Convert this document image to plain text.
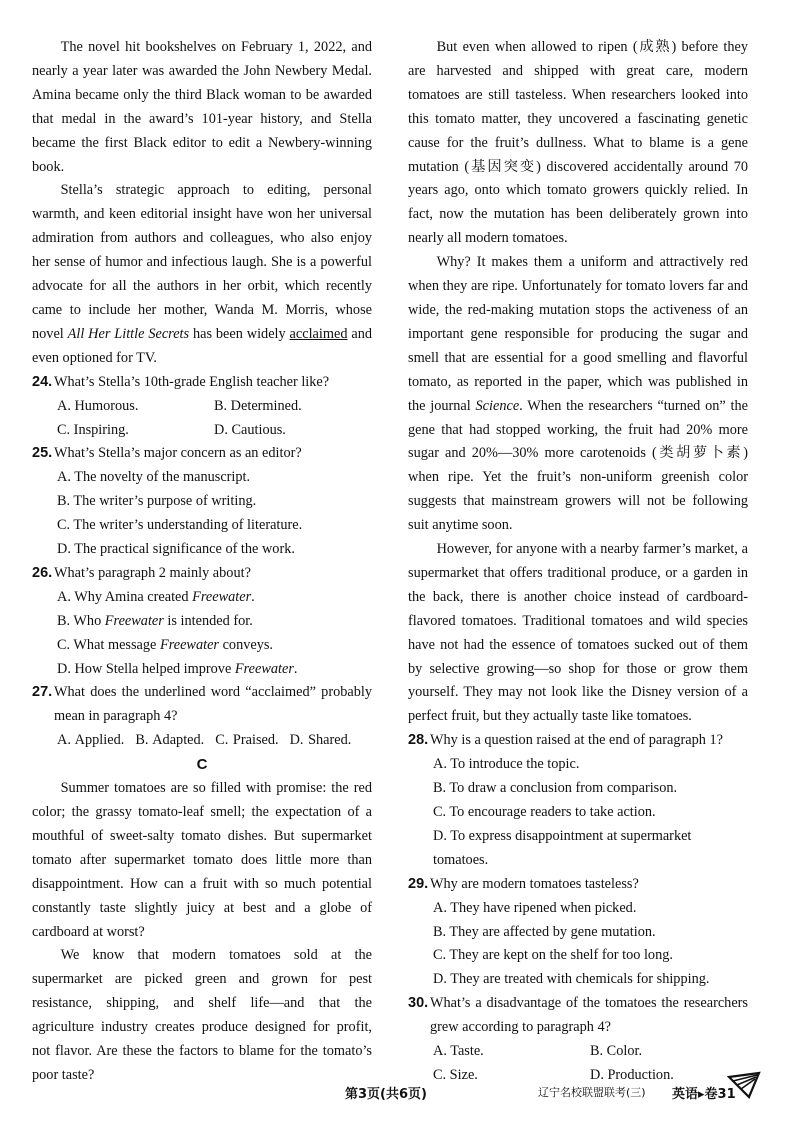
The novel hit bookshelves on February 1, 2022, and nearly a year later was awarded the John Newbery Medal. Amina became only the third Black woman to be awarded that medal in the award’s 101-year history, and Stella became the first Black editor to edit a Newbery-winning book.

Stella’s strategic approach to editing, personal warmth, and keen editorial insight have won her universal admiration from authors and colleagues, who also enjoy her sense of humor and infectious laugh. She is a powerful advocate for all the authors in her orbit, which recently came to include her mother, Wanda M. Morris, whose novel All Her Little Secrets has been widely acclaimed and even optioned for TV.

24. What’s Stella’s 10th-grade English teacher like?
A. Humorous.	B. Determined.
C. Inspiring.	D. Cautious.
25. What’s Stella’s major concern as an editor?
A. The novelty of the manuscript.
B. The writer’s purpose of writing.
C. The writer’s understanding of literature.
D. The practical significance of the work.
26. What’s paragraph 2 mainly about?
A. Why Amina created Freewater.
B. Who Freewater is intended for.
C. What message Freewater conveys.
D. How Stella helped improve Freewater.
27. What does the underlined word “acclaimed” probably mean in paragraph 4?
A. Applied. B. Adapted. C. Praised. D. Shared.
C

Summer tomatoes are so filled with promise: the red color; the grassy tomato-leaf smell; the expectation of a mouthful of sweet-salty tomato dishes. But supermarket tomato after supermarket tomato does little more than disappointment. How can a fruit with so much potential constantly taste slightly juicy at best and a globe of cardboard at worst?

We know that modern tomatoes sold at the supermarket are picked green and grown for pest resistance, shipping, and shelf life—and that the agriculture industry creates produce designed for profit, not flavor. Are these the factors to blame for the tomato’s poor taste?

But even when allowed to ripen (成熟) before they are harvested and shipped with great care, modern tomatoes are still tasteless. When researchers looked into this tomato matter, they uncovered a fascinating genetic cause for the fruit’s dullness. What to blame is a gene mutation (基因突变) discovered accidentally around 70 years ago, onto which tomato growers quickly relied. In fact, now the mutation has been deliberately grown into nearly all modern tomatoes.

Why? It makes them a uniform and attractively red when they are ripe. Unfortunately for tomato lovers far and wide, the red-making mutation stops the activeness of an important gene responsible for producing the sugar and smell that are essential for a good smelling and flavorful tomato, as reported in the paper, which was published in the journal Science. When the researchers “turned on” the gene that had stopped working, the fruit had 20% more sugar and 20%—30% more carotenoids (类胡萝卜素) when ripe. Yet the fruit’s non-uniform greenish color suggests that mainstream growers will not be following suit anytime soon.

However, for anyone with a nearby farmer’s market, a supermarket that offers traditional produce, or a garden in the back, there is another choice instead of cardboard-flavored tomatoes. Traditional tomatoes and wild species have not had the essence of tomatoes sucked out of them by selective growing—so shop for those or grow them yourself. They may not look like the Disney version of a perfect fruit, but they actually taste like tomatoes.

28. Why is a question raised at the end of paragraph 1?
A. To introduce the topic.
B. To draw a conclusion from comparison.
C. To encourage readers to take action.
D. To express disappointment at supermarket tomatoes.
29. Why are modern tomatoes tasteless?
A. They have ripened when picked.
B. They are affected by gene mutation.
C. They are kept on the shelf for too long.
D. They are treated with chemicals for shipping.
30. What’s a disadvantage of the tomatoes the researchers grew according to paragraph 4?
A. Taste.	B. Color.
C. Size.	D. Production.
第3页(共6页)	辽宁名校联盟联考(三) 英语▸卷31
